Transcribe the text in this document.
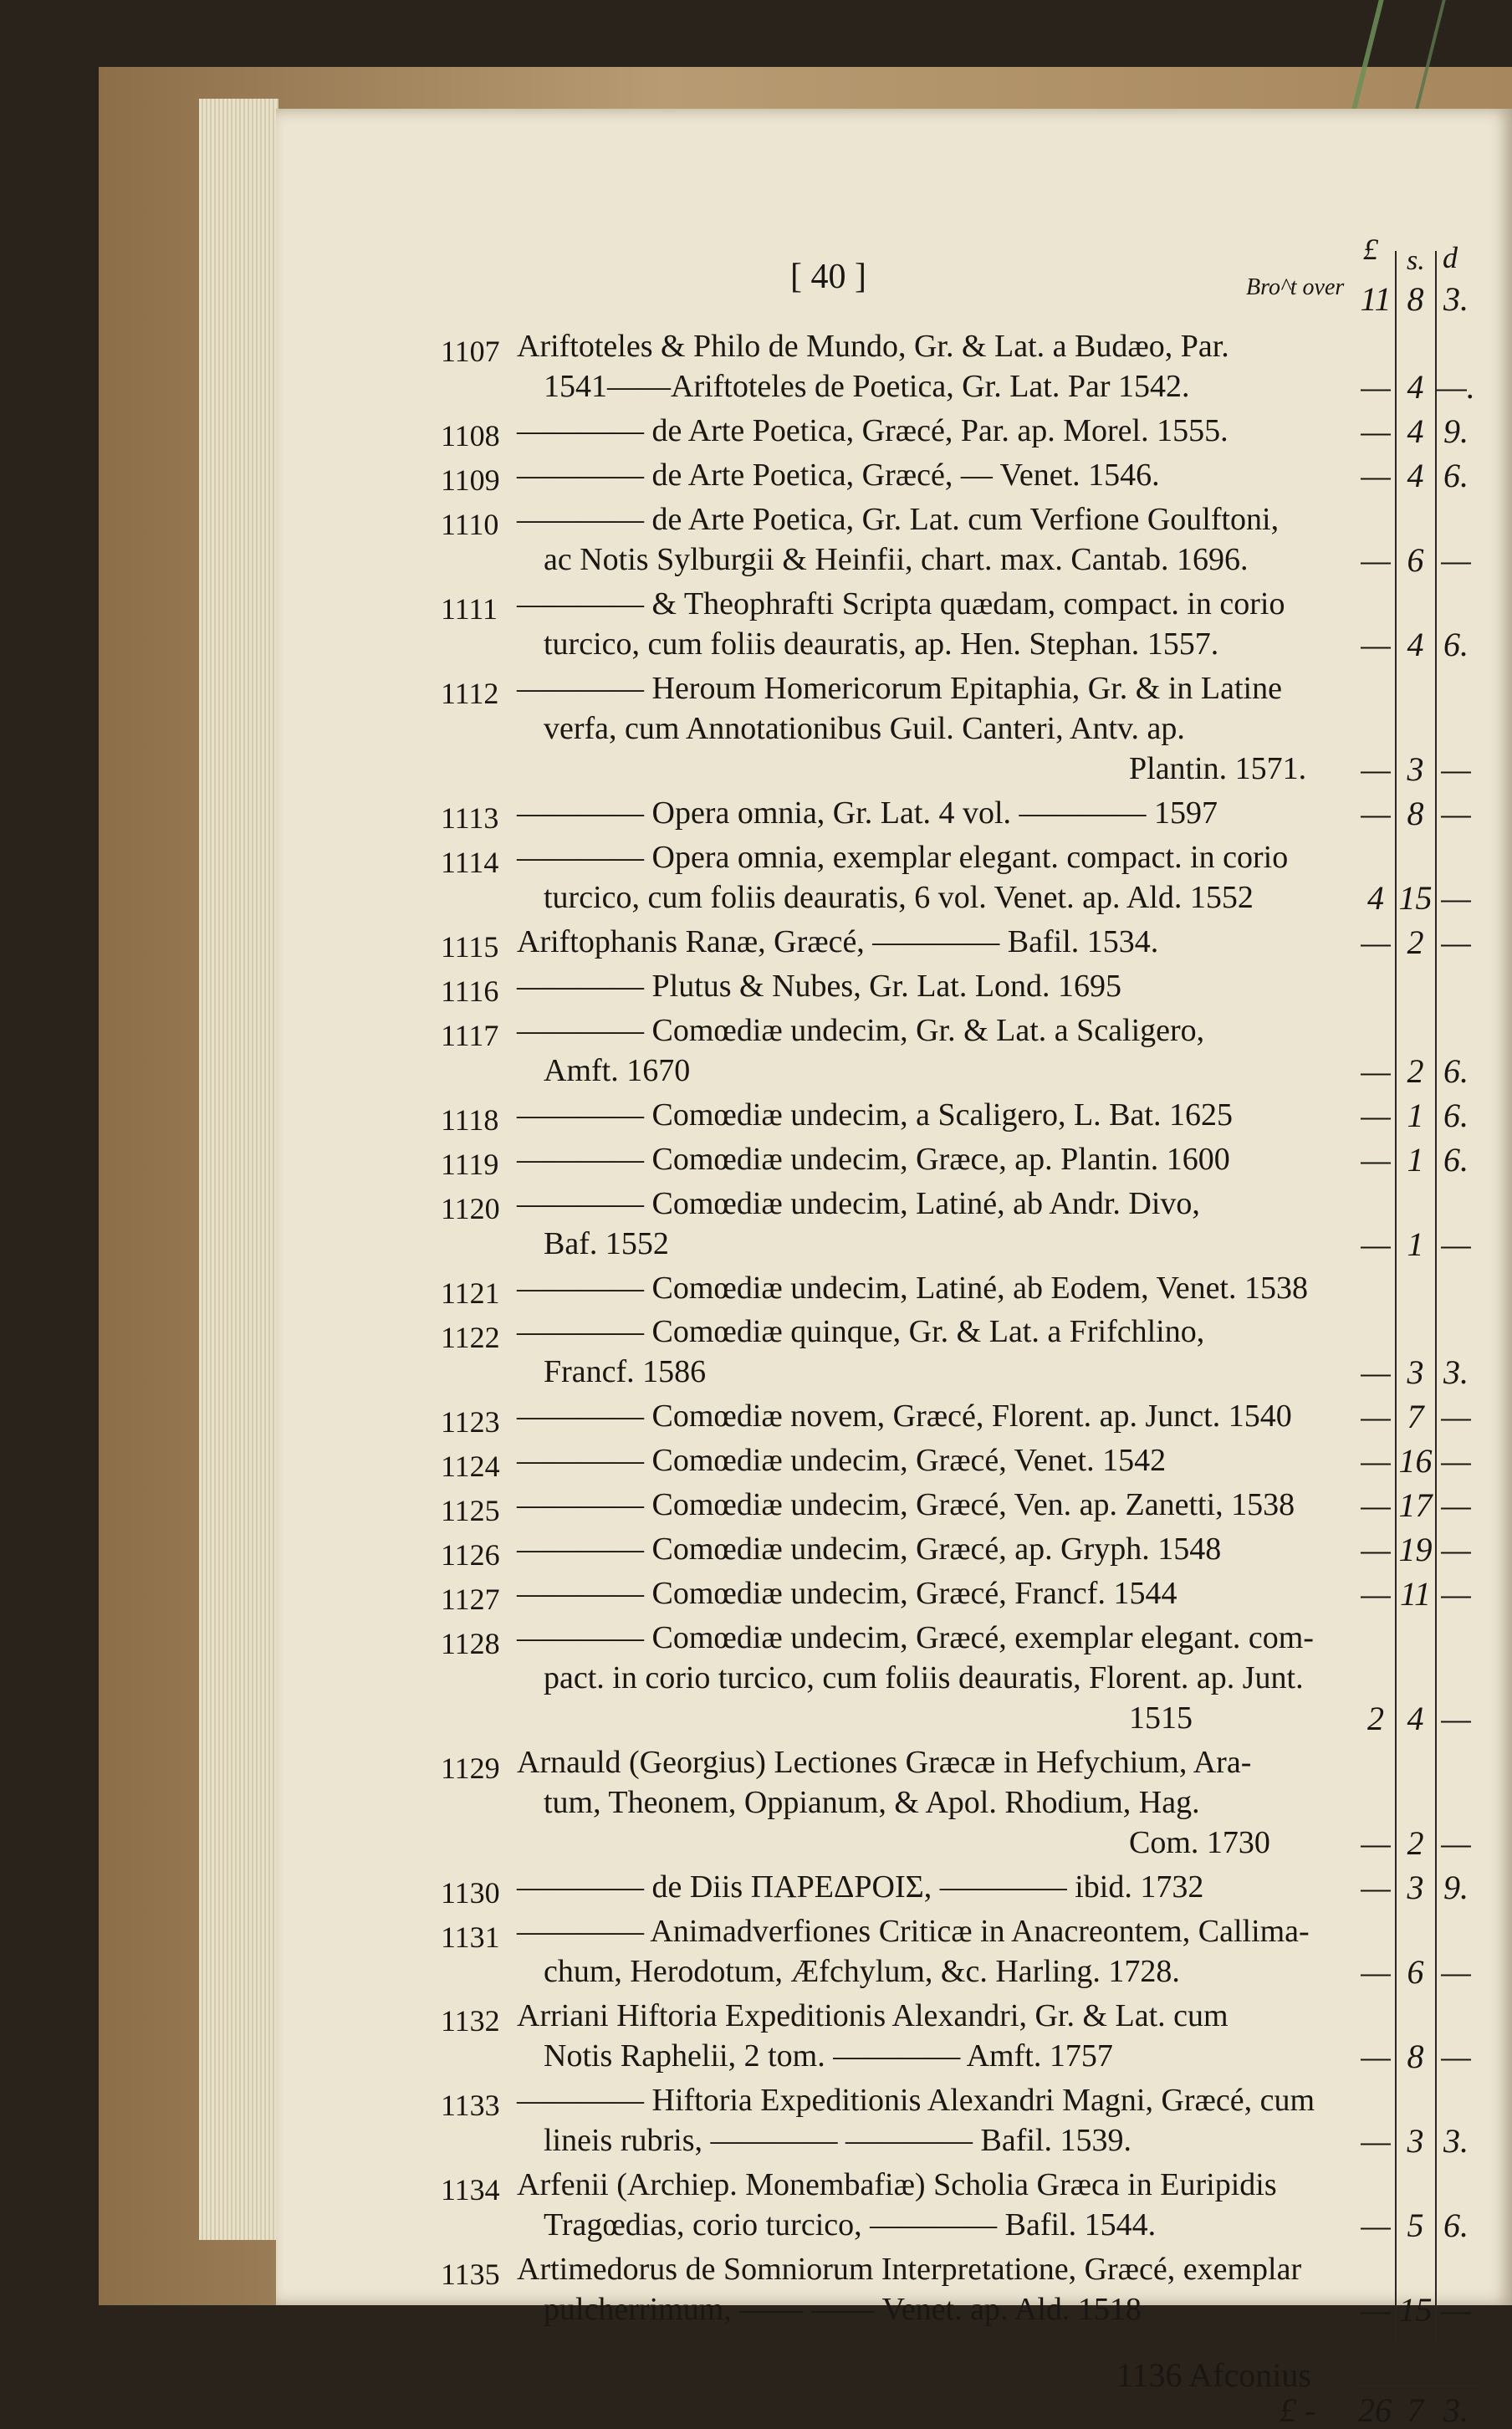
[ 40 ]	Bro^t over
£ s. d
11 8 3.
1107 Ariftoteles & Philo de Mundo, Gr. & Lat. a Budæo, Par.
1541——Ariftoteles de Poetica, Gr. Lat. Par 1542.	— 4 —.
1108 ———— de Arte Poetica, Græcé, Par. ap. Morel. 1555.	— 4 9.
1109 ———— de Arte Poetica, Græcé, — Venet. 1546.	— 4 6.
1110 ———— de Arte Poetica, Gr. Lat. cum Verfione Goulftoni,
ac Notis Sylburgii & Heinfii, chart. max. Cantab. 1696.	— 6 —
1111 ———— & Theophrafti Scripta quædam, compact. in corio
turcico, cum foliis deauratis, ap. Hen. Stephan. 1557.	— 4 6.
1112 ———— Heroum Homericorum Epitaphia, Gr. & in Latine
verfa, cum Annotationibus Guil. Canteri, Antv. ap.
Plantin. 1571. — 3 —
1113 ———— Opera omnia, Gr. Lat. 4 vol. ———— 1597	— 8 —
1114 ———— Opera omnia, exemplar elegant. compact. in corio
turcico, cum foliis deauratis, 6 vol. Venet. ap. Ald. 1552	4 15 —
1115 Ariftophanis Ranæ, Græcé, ———— Bafil. 1534.	— 2 —
1116 ———— Plutus & Nubes, Gr. Lat. Lond. 1695
1117 ———— Comœdiæ undecim, Gr. & Lat. a Scaligero,
Amft. 1670	— 2 6.
1118 ———— Comœdiæ undecim, a Scaligero, L. Bat. 1625	— 1 6.
1119 ———— Comœdiæ undecim, Græce, ap. Plantin. 1600	— 1 6.
1120 ———— Comœdiæ undecim, Latiné, ab Andr. Divo,
Baf. 1552	— 1 —
1121 ———— Comœdiæ undecim, Latiné, ab Eodem, Venet. 1538
1122 ———— Comœdiæ quinque, Gr. & Lat. a Frifchlino,
Francf. 1586	— 3 3.
1123 ———— Comœdiæ novem, Græcé, Florent. ap. Junct. 1540 — 7 —
1124 ———— Comœdiæ undecim, Græcé, Venet. 1542	— 16 —
1125 ———— Comœdiæ undecim, Græcé, Ven. ap. Zanetti, 1538 — 17 —
1126 ———— Comœdiæ undecim, Græcé, ap. Gryph. 1548	— 19 —
1127 ———— Comœdiæ undecim, Græcé, Francf. 1544	— 11 —
1128 ———— Comœdiæ undecim, Græcé, exemplar elegant. com-
pact. in corio turcico, cum foliis deauratis, Florent. ap. Junt.
1515	2 4 —
1129 Arnauld (Georgius) Lectiones Græcæ in Hefychium, Ara-
tum, Theonem, Oppianum, & Apol. Rhodium, Hag.
Com. 1730	— 2 —
1130 ———— de Diis ΠΑΡΕΔΡΟΙΣ, ———— ibid. 1732	— 3 9.
1131 ———— Animadverfiones Criticæ in Anacreontem, Callima-
chum, Herodotum, Æfchylum, &c. Harling. 1728.	— 6 —
1132 Arriani Hiftoria Expeditionis Alexandri, Gr. & Lat. cum
Notis Raphelii, 2 tom. ———— Amft. 1757	— 8 —
1133 ———— Hiftoria Expeditionis Alexandri Magni, Græcé, cum
lineis rubris, ———— ———— Bafil. 1539.	— 3 3.
1134 Arfenii (Archiep. Monembafiæ) Scholia Græca in Euripidis
Tragœdias, corio turcico, ———— Bafil. 1544.	— 5 6.
1135 Artimedorus de Somniorum Interpretatione, Græcé, exemplar
pulcherrimum, —— —— Venet. ap. Ald. 1518	— 15 —
1136 Afconius
£ - 26 7 3.
